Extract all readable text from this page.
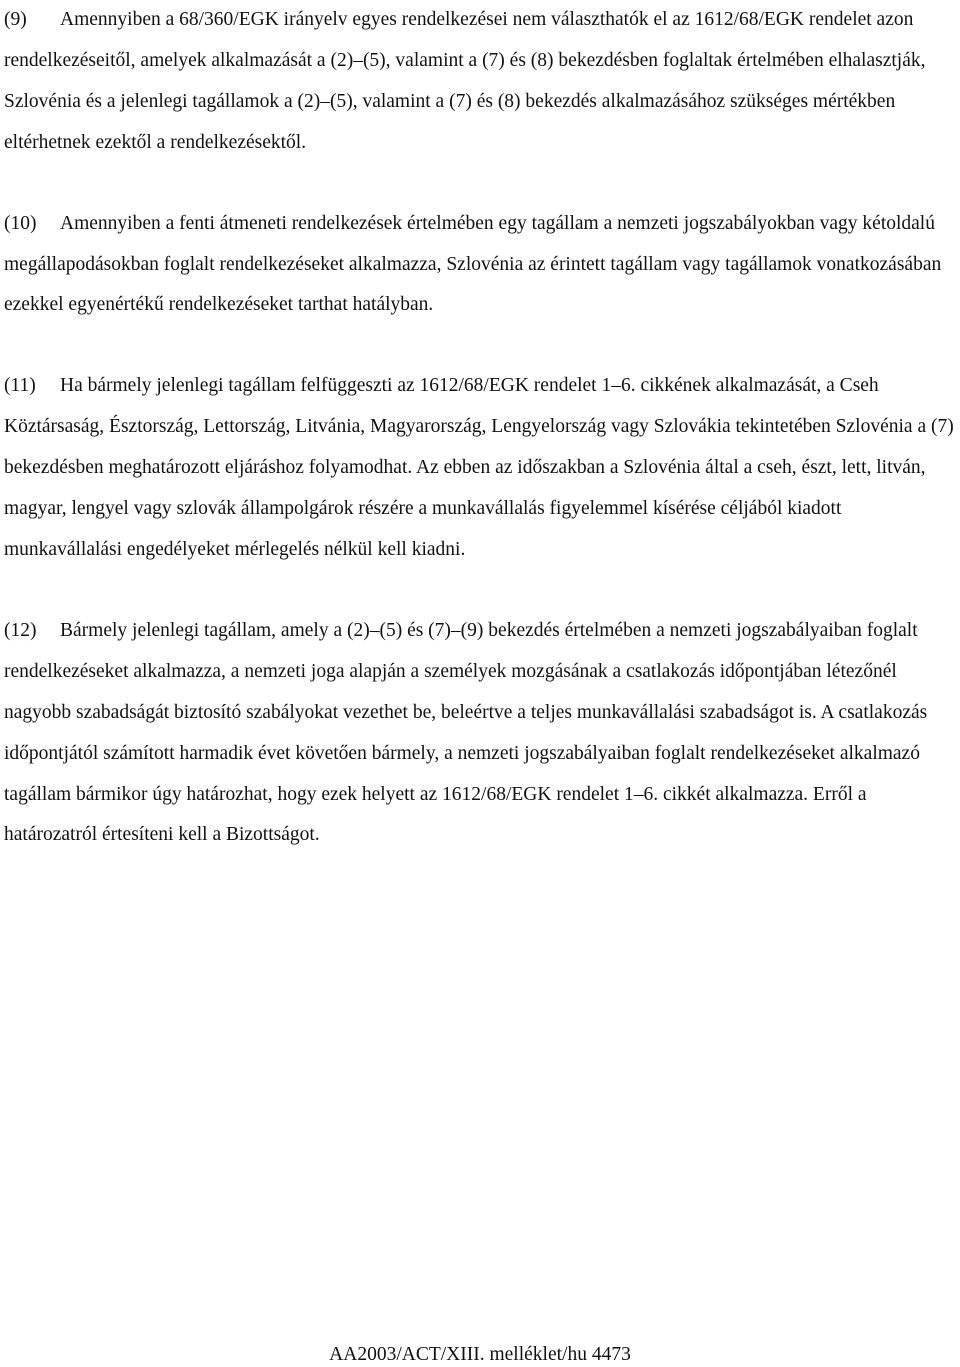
(9) Amennyiben a 68/360/EGK irányelv egyes rendelkezései nem választhatók el az 1612/68/EGK rendelet azon rendelkezéseitől, amelyek alkalmazását a (2)–(5), valamint a (7) és (8) bekezdésben foglaltak értelmében elhalasztják, Szlovénia és a jelenlegi tagállamok a (2)–(5), valamint a (7) és (8) bekezdés alkalmazásához szükséges mértékben eltérhetnek ezektől a rendelkezésektől.

(10) Amennyiben a fenti átmeneti rendelkezések értelmében egy tagállam a nemzeti jogszabályokban vagy kétoldalú megállapodásokban foglalt rendelkezéseket alkalmazza, Szlovénia az érintett tagállam vagy tagállamok vonatkozásában ezekkel egyenértékű rendelkezéseket tarthat hatályban.

(11) Ha bármely jelenlegi tagállam felfüggeszti az 1612/68/EGK rendelet 1–6. cikkének alkalmazását, a Cseh Köztársaság, Észtország, Lettország, Litvánia, Magyarország, Lengyelország vagy Szlovákia tekintetében Szlovénia a (7) bekezdésben meghatározott eljáráshoz folyamodhat. Az ebben az időszakban a Szlovénia által a cseh, észt, lett, litván, magyar, lengyel vagy szlovák állampolgárok részére a munkavállalás figyelemmel kísérése céljából kiadott munkavállalási engedélyeket mérlegelés nélkül kell kiadni.

(12) Bármely jelenlegi tagállam, amely a (2)–(5) és (7)–(9) bekezdés értelmében a nemzeti jogszabályaiban foglalt rendelkezéseket alkalmazza, a nemzeti joga alapján a személyek mozgásának a csatlakozás időpontjában létezőnél nagyobb szabadságát biztosító szabályokat vezethet be, beleértve a teljes munkavállalási szabadságot is. A csatlakozás időpontjától számított harmadik évet követően bármely, a nemzeti jogszabályaiban foglalt rendelkezéseket alkalmazó tagállam bármikor úgy határozhat, hogy ezek helyett az 1612/68/EGK rendelet 1–6. cikkét alkalmazza. Erről a határozatról értesíteni kell a Bizottságot.

AA2003/ACT/XIII. melléklet/hu 4473
